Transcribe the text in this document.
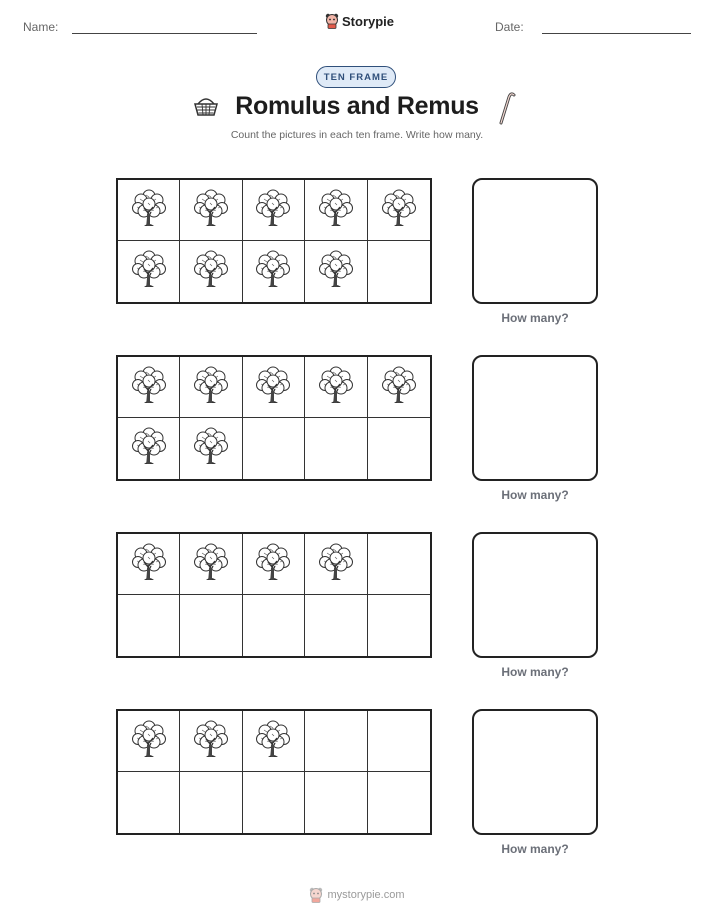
Name:	Storypie	Date:
TEN FRAME
Romulus and Remus
Count the pictures in each ten frame. Write how many.
How many?
How many?
How many?
How many?
mystorypie.com
